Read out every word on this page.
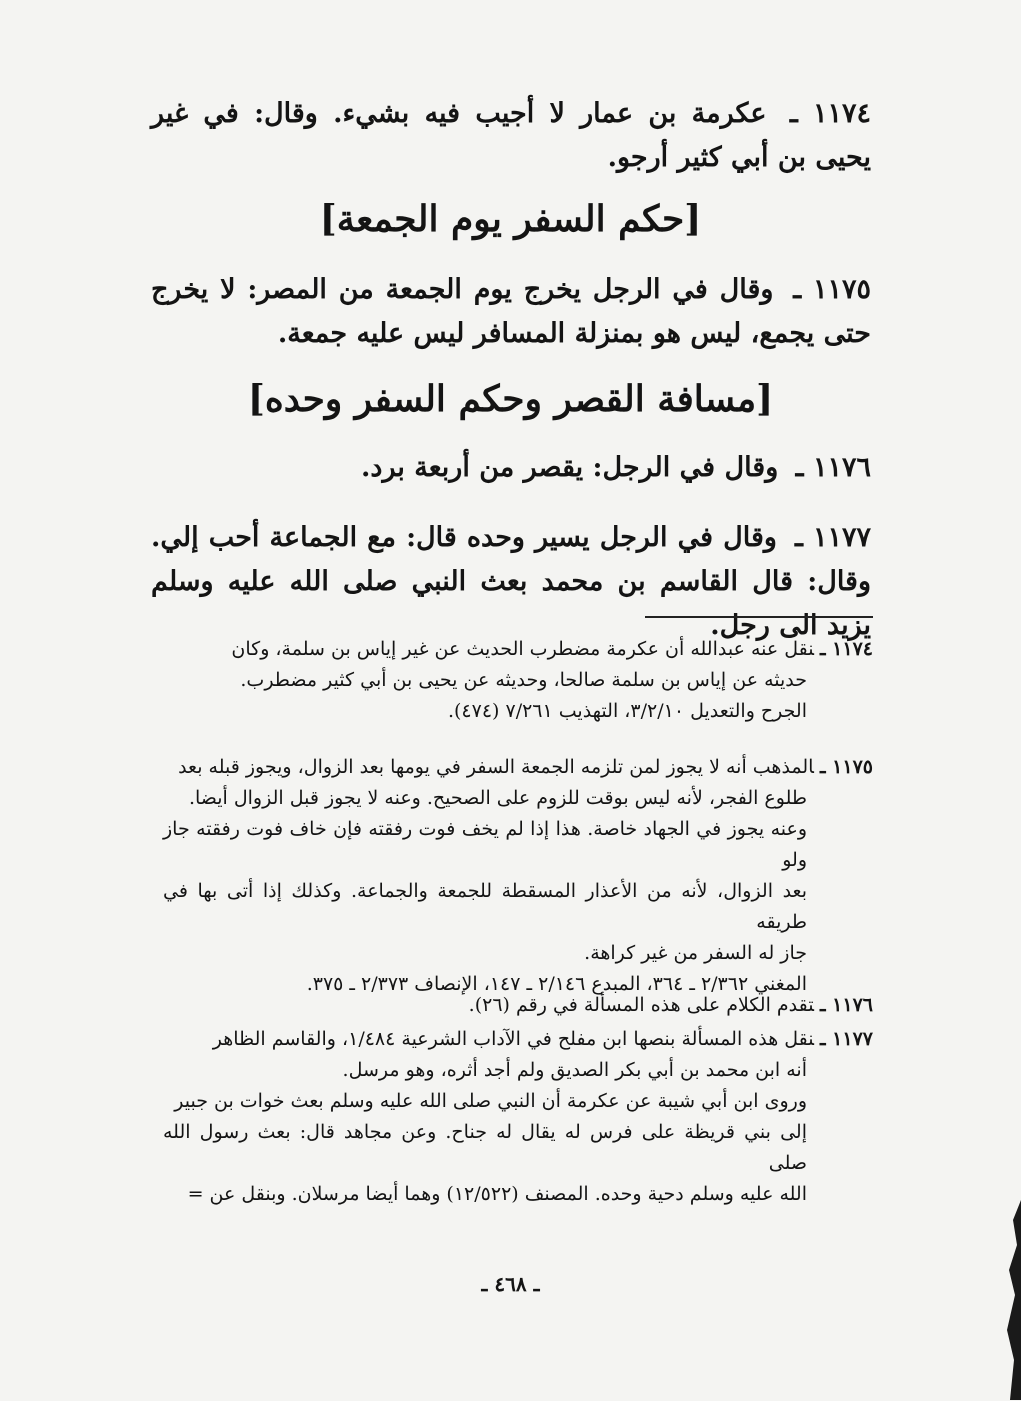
١١٧٤ ـ عكرمة بن عمار لا أجيب فيه بشيء. وقال: في غير يحيى بن أبي كثير أرجو.
[حكم السفر يوم الجمعة]
١١٧٥ ـ وقال في الرجل يخرج يوم الجمعة من المصر: لا يخرج حتى يجمع، ليس هو بمنزلة المسافر ليس عليه جمعة.
[مسافة القصر وحكم السفر وحده]
١١٧٦ ـ وقال في الرجل: يقصر من أربعة برد.
١١٧٧ ـ وقال في الرجل يسير وحده قال: مع الجماعة أحب إلي. وقال: قال القاسم بن محمد بعث النبي صلى الله عليه وسلم يزيد الى رجل.
١١٧٤ ـنقل عنه عبدالله أن عكرمة مضطرب الحديث عن غير إياس بن سلمة، وكان
حديثه عن إياس بن سلمة صالحا، وحديثه عن يحيى بن أبي كثير مضطرب.
الجرح والتعديل ٣/٢/١٠، التهذيب ٧/٢٦١ (٤٧٤).
١١٧٥ ـالمذهب أنه لا يجوز لمن تلزمه الجمعة السفر في يومها بعد الزوال، ويجوز قبله بعد
طلوع الفجر، لأنه ليس بوقت للزوم على الصحيح. وعنه لا يجوز قبل الزوال أيضا.
وعنه يجوز في الجهاد خاصة. هذا إذا لم يخف فوت رفقته فإن خاف فوت رفقته جاز ولو
بعد الزوال، لأنه من الأعذار المسقطة للجمعة والجماعة. وكذلك إذا أتى بها في طريقه
جاز له السفر من غير كراهة.
المغني ٢/٣٦٢ ـ ٣٦٤، المبدع ٢/١٤٦ ـ ١٤٧، الإنصاف ٢/٣٧٣ ـ ٣٧٥.
١١٧٦ ـتقدم الكلام على هذه المسألة في رقم (٢٦).
١١٧٧ ـنقل هذه المسألة بنصها ابن مفلح في الآداب الشرعية ١/٤٨٤، والقاسم الظاهر
أنه ابن محمد بن أبي بكر الصديق ولم أجد أثره، وهو مرسل.
وروى ابن أبي شيبة عن عكرمة أن النبي صلى الله عليه وسلم بعث خوات بن جبير
إلى بني قريظة على فرس له يقال له جناح. وعن مجاهد قال: بعث رسول الله صلى
الله عليه وسلم دحية وحده. المصنف (١٢/٥٢٢) وهما أيضا مرسلان. وبنقل عن =
ـ ٤٦٨ ـ
